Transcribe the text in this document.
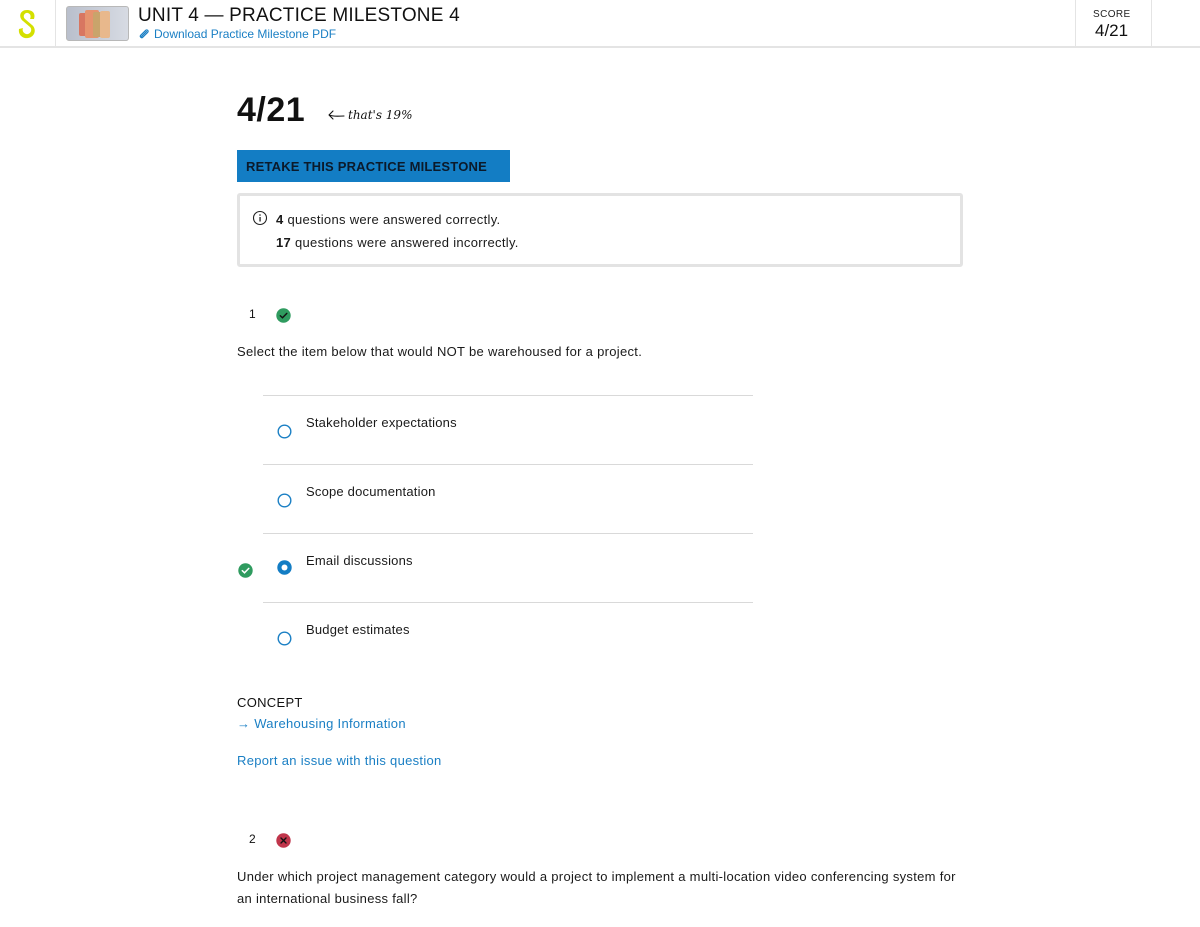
UNIT 4 — PRACTICE MILESTONE 4
Download Practice Milestone PDF
SCORE
4/21
4/21	that's 19%
RETAKE THIS PRACTICE MILESTONE
4 questions were answered correctly.
17 questions were answered incorrectly.
1
Select the item below that would NOT be warehoused for a project.
Stakeholder expectations
Scope documentation
Email discussions
Budget estimates
CONCEPT
→ Warehousing Information
Report an issue with this question
2
Under which project management category would a project to implement a multi-location video conferencing system for an international business fall?
